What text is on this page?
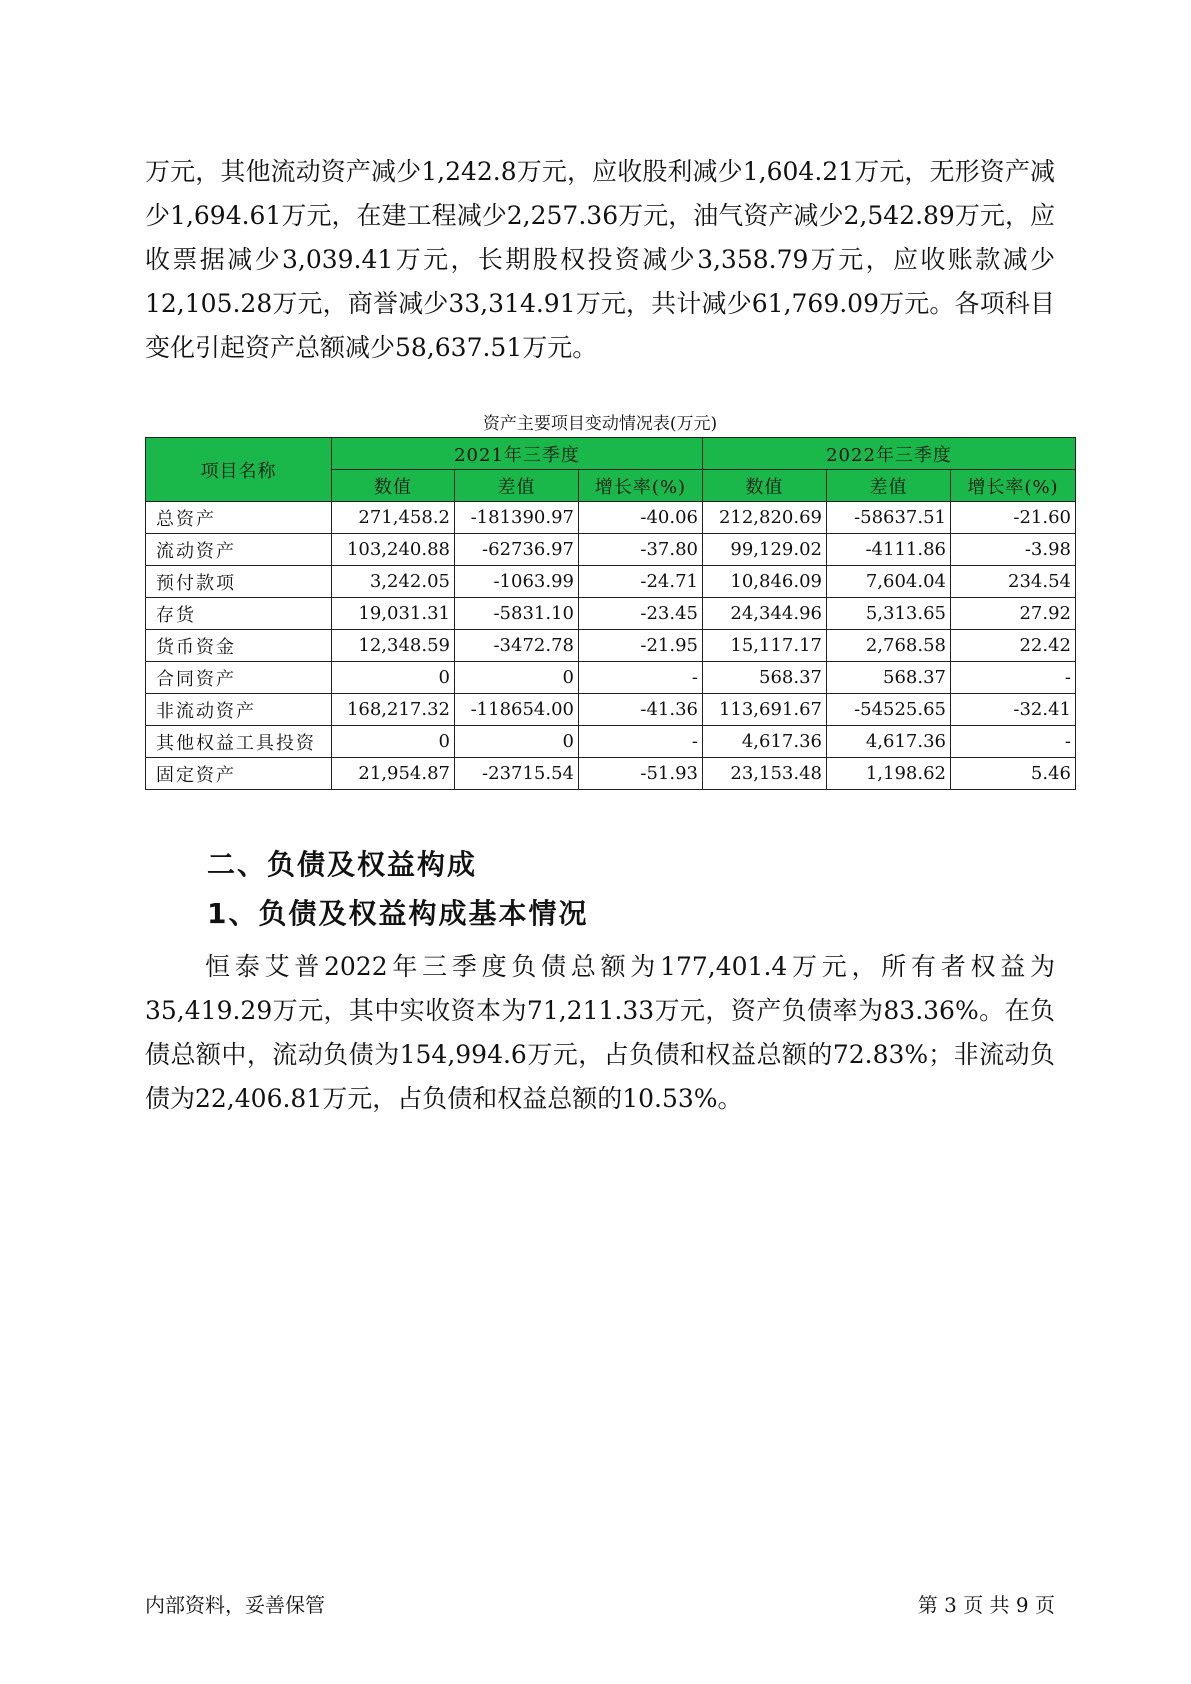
万元，其他流动资产减少1,242.8万元，应收股利减少1,604.21万元，无形资产减少1,694.61万元，在建工程减少2,257.36万元，油气资产减少2,542.89万元，应收票据减少3,039.41万元，长期股权投资减少3,358.79万元，应收账款减少12,105.28万元，商誉减少33,314.91万元，共计减少61,769.09万元。各项科目变化引起资产总额减少58,637.51万元。

资产主要项目变动情况表(万元)
项目名称	2021年三季度			2022年三季度		
	数值	差值	增长率(%)	数值	差值	增长率(%)
总资产	271,458.2	-181390.97	-40.06	212,820.69	-58637.51	-21.60
流动资产	103,240.88	-62736.97	-37.80	99,129.02	-4111.86	-3.98
预付款项	3,242.05	-1063.99	-24.71	10,846.09	7,604.04	234.54
存货	19,031.31	-5831.10	-23.45	24,344.96	5,313.65	27.92
货币资金	12,348.59	-3472.78	-21.95	15,117.17	2,768.58	22.42
合同资产	0	0	-	568.37	568.37	-
非流动资产	168,217.32	-118654.00	-41.36	113,691.67	-54525.65	-32.41
其他权益工具投资	0	0	-	4,617.36	4,617.36	-
固定资产	21,954.87	-23715.54	-51.93	23,153.48	1,198.62	5.46
二、负债及权益构成
1、负债及权益构成基本情况

恒泰艾普2022年三季度负债总额为177,401.4万元，所有者权益为35,419.29万元，其中实收资本为71,211.33万元，资产负债率为83.36%。在负债总额中，流动负债为154,994.6万元，占负债和权益总额的72.83%；非流动负债为22,406.81万元，占负债和权益总额的10.53%。

内部资料，妥善保管	第 3 页 共 9 页
